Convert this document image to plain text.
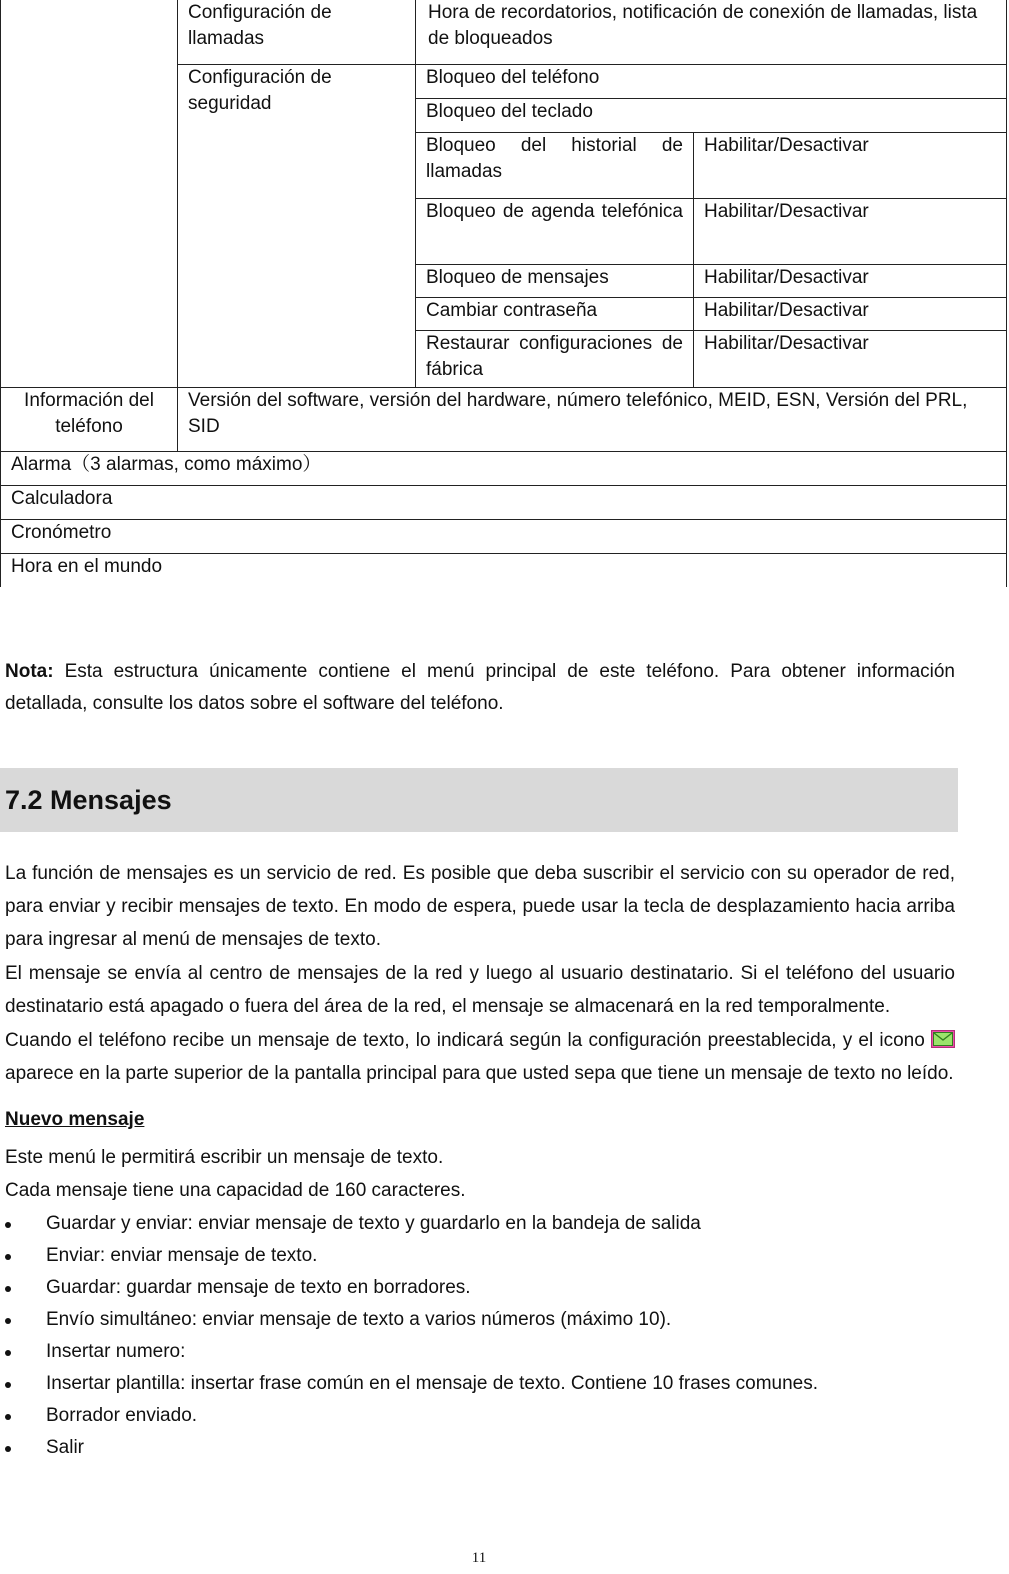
	Configuración de llamadas	Hora de recordatorios, notificación de conexión de llamadas, lista de bloqueados	
	Configuración de seguridad	Bloqueo del teléfono	
		Bloqueo del teclado	
		Bloqueo del historial de llamadas	Habilitar/Desactivar
		Bloqueo de agenda telefónica	Habilitar/Desactivar
		Bloqueo de mensajes	Habilitar/Desactivar
		Cambiar contraseña	Habilitar/Desactivar
		Restaurar configuraciones de fábrica	Habilitar/Desactivar

Información del teléfono	Versión del software, versión del hardware, número telefónico, MEID, ESN, Versión del PRL, SID		
Alarma（3 alarmas, como máximo）			
Calculadora			
Cronómetro			
Hora en el mundo			
Nota: Esta estructura únicamente contiene el menú principal de este teléfono. Para obtener información detallada, consulte los datos sobre el software del teléfono.
7.2 Mensajes

La función de mensajes es un servicio de red. Es posible que deba suscribir el servicio con su operador de red, para enviar y recibir mensajes de texto. En modo de espera, puede usar la tecla de desplazamiento hacia arriba para ingresar al menú de mensajes de texto.

El mensaje se envía al centro de mensajes de la red y luego al usuario destinatario. Si el teléfono del usuario destinatario está apagado o fuera del área de la red, el mensaje se almacenará en la red temporalmente.

Cuando el teléfono recibe un mensaje de texto, lo indicará según la configuración preestablecida, y el icono
aparece en la parte superior de la pantalla principal para que usted sepa que tiene un mensaje de texto no leído.

Nuevo mensaje

Este menú le permitirá escribir un mensaje de texto.

Cada mensaje tiene una capacidad de 160 caracteres.

Guardar y enviar: enviar mensaje de texto y guardarlo en la bandeja de salida
Enviar: enviar mensaje de texto.
Guardar: guardar mensaje de texto en borradores.
Envío simultáneo: enviar mensaje de texto a varios números (máximo 10).
Insertar numero:
Insertar plantilla: insertar frase común en el mensaje de texto. Contiene 10 frases comunes.
Borrador enviado.
Salir
11
